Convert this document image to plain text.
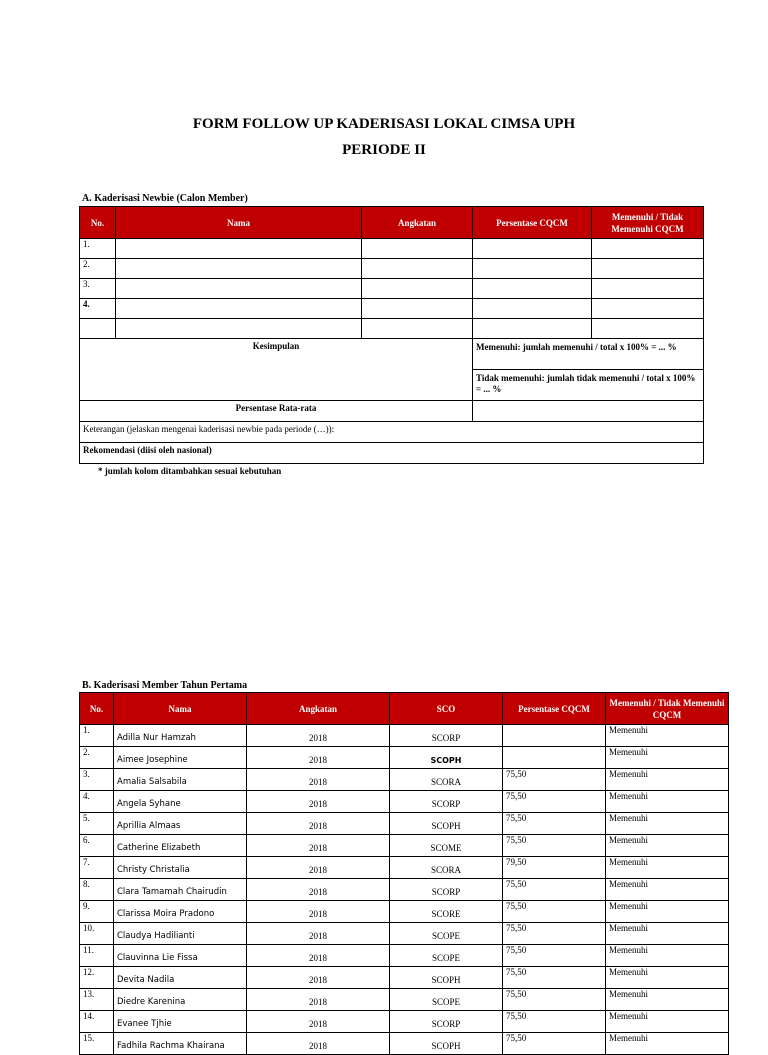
FORM FOLLOW UP KADERISASI LOKAL CIMSA UPH
PERIODE II
A. Kaderisasi Newbie (Calon Member)
No.	Nama	Angkatan	Persentase CQCM	Memenuhi / Tidak Memenuhi CQCM
1.				
2.				
3.				
4.				

Kesimpulan			Memenuhi: jumlah memenuhi / total x 100% = ... %	
			Tidak memenuhi: jumlah tidak memenuhi / total x 100% = ... %	
Persentase Rata-rata				
Keterangan (jelaskan mengenai kaderisasi newbie pada periode (…)):				
Rekomendasi (diisi oleh nasional)				
* jumlah kolom ditambahkan sesuai kebutuhan
B. Kaderisasi Member Tahun Pertama
No.	Nama	Angkatan	SCO	Persentase CQCM	Memenuhi / Tidak Memenuhi CQCM
1.	Adilla Nur Hamzah	2018	SCORP		Memenuhi
2.	Aimee Josephine	2018	SCOPH		Memenuhi
3.	Amalia Salsabila	2018	SCORA	75,50	Memenuhi
4.	Angela Syhane	2018	SCORP	75,50	Memenuhi
5.	Aprillia Almaas	2018	SCOPH	75,50	Memenuhi
6.	Catherine Elizabeth	2018	SCOME	75,50	Memenuhi
7.	Christy Christalia	2018	SCORA	79,50	Memenuhi
8.	Clara Tamamah Chairudin	2018	SCORP	75,50	Memenuhi
9.	Clarissa Moira Pradono	2018	SCORE	75,50	Memenuhi
10.	Claudya Hadilianti	2018	SCOPE	75,50	Memenuhi
11.	Clauvinna Lie Fissa	2018	SCOPE	75,50	Memenuhi
12.	Devita Nadila	2018	SCOPH	75,50	Memenuhi
13.	Diedre Karenina	2018	SCOPE	75,50	Memenuhi
14.	Evanee Tjhie	2018	SCORP	75,50	Memenuhi
15.	Fadhila Rachma Khairana	2018	SCOPH	75,50	Memenuhi
